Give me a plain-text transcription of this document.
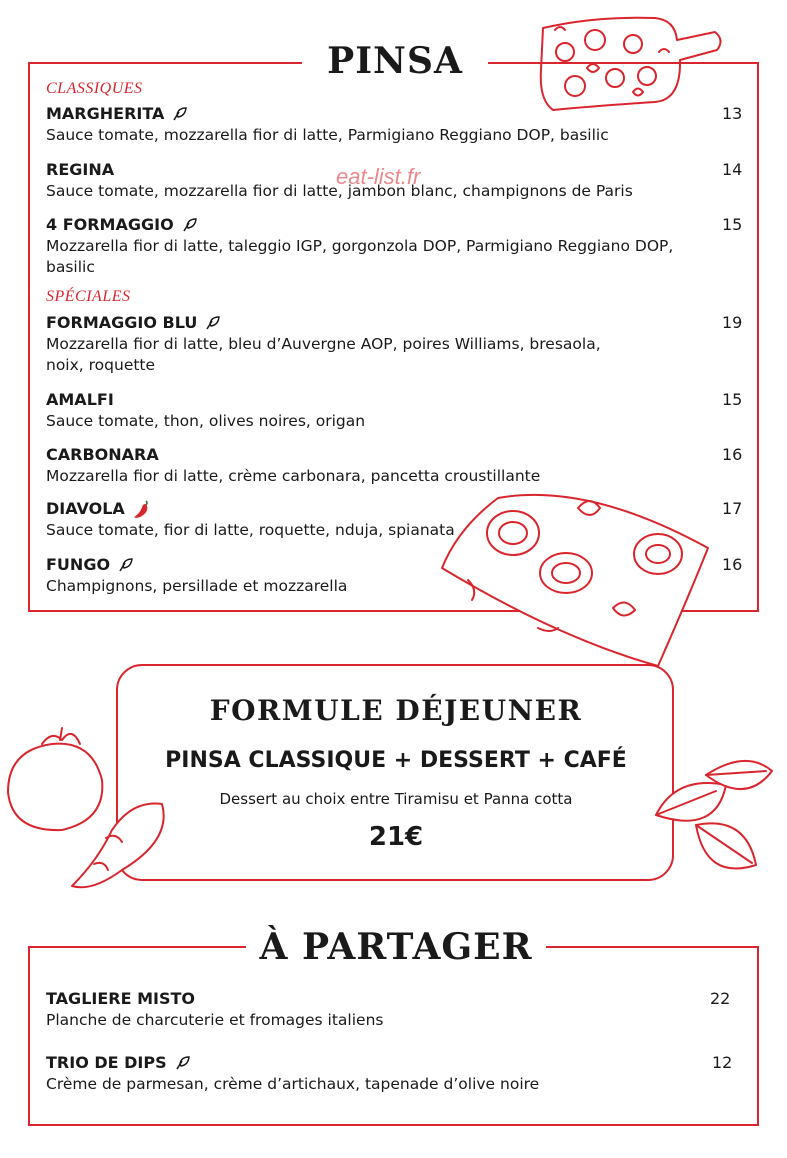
PINSA
CLASSIQUES
MARGHERITA
Sauce tomate, mozzarella fior di latte, Parmigiano Reggiano DOP, basilic
13
REGINA
Sauce tomate, mozzarella fior di latte, jambon blanc, champignons de Paris
14
eat-list.fr
4 FORMAGGIO
Mozzarella fior di latte, taleggio IGP, gorgonzola DOP, Parmigiano Reggiano DOP,
basilic
15
SPÉCIALES
FORMAGGIO BLU
Mozzarella fior di latte, bleu d’Auvergne AOP, poires Williams, bresaola,
noix, roquette
19
AMALFI
Sauce tomate, thon, olives noires, origan
15
CARBONARA
Mozzarella fior di latte, crème carbonara, pancetta croustillante
16
DIAVOLA
Sauce tomate, fior di latte, roquette, nduja, spianata
17
FUNGO
Champignons, persillade et mozzarella
16
FORMULE DÉJEUNER
PINSA CLASSIQUE + DESSERT + CAFÉ
Dessert au choix entre Tiramisu et Panna cotta
21€
À PARTAGER
TAGLIERE MISTO
Planche de charcuterie et fromages italiens
22
TRIO DE DIPS
Crème de parmesan, crème d’artichaux, tapenade d’olive noire
12
